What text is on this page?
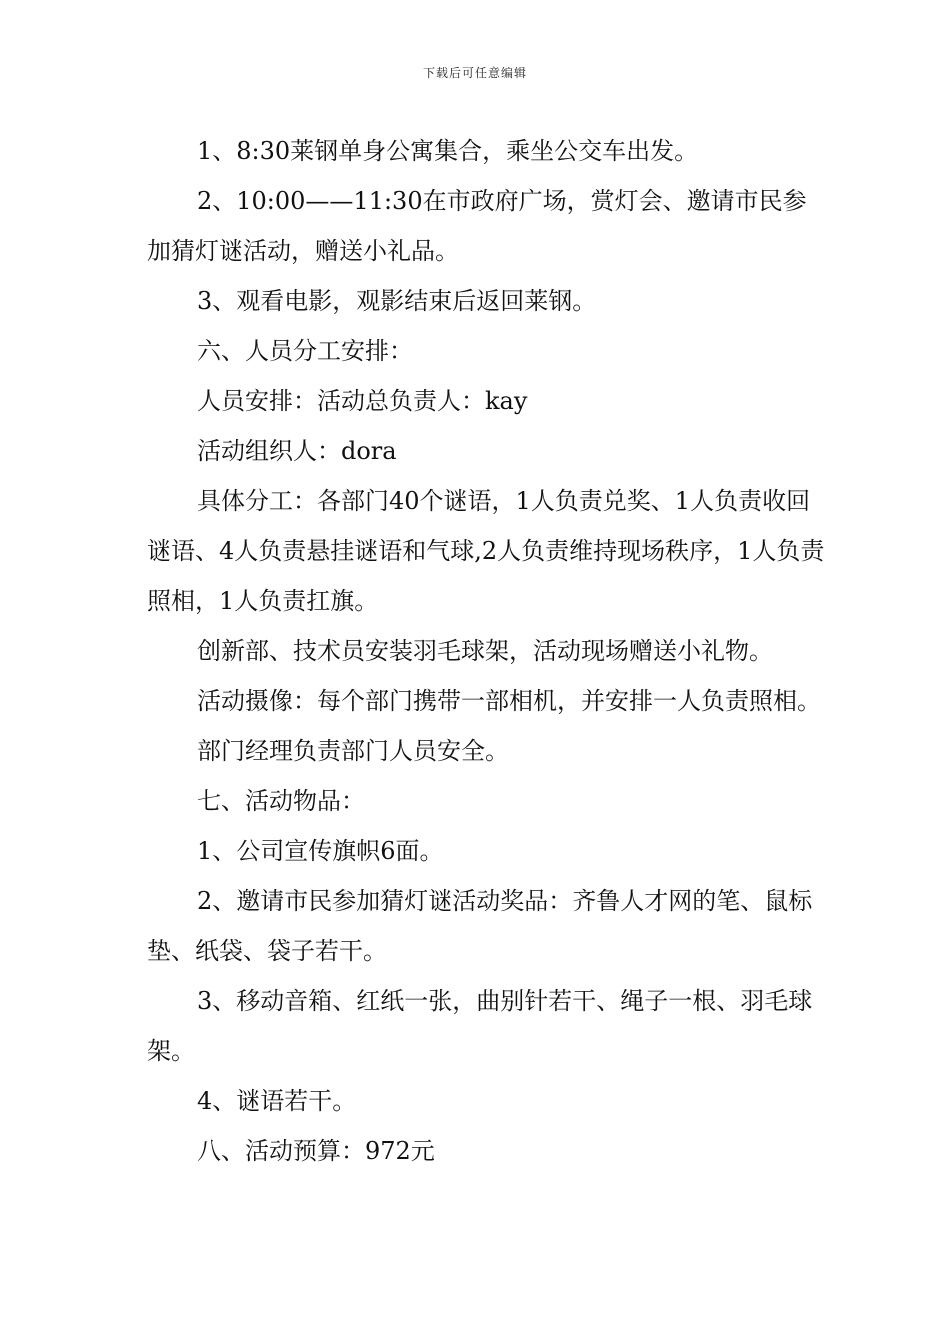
下载后可任意编辑

1、8:30莱钢单身公寓集合，乘坐公交车出发。

2、10:00——11:30在市政府广场，赏灯会、邀请市民参加猜灯谜活动，赠送小礼品。

3、观看电影，观影结束后返回莱钢。

六、人员分工安排：

人员安排：活动总负责人：kay

活动组织人：dora

具体分工：各部门40个谜语，1人负责兑奖、1人负责收回谜语、4人负责悬挂谜语和气球,2人负责维持现场秩序，1人负责照相，1人负责扛旗。

创新部、技术员安装羽毛球架，活动现场赠送小礼物。

活动摄像：每个部门携带一部相机，并安排一人负责照相。

部门经理负责部门人员安全。

七、活动物品：

1、公司宣传旗帜6面。

2、邀请市民参加猜灯谜活动奖品：齐鲁人才网的笔、鼠标垫、纸袋、袋子若干。

3、移动音箱、红纸一张，曲别针若干、绳子一根、羽毛球架。

4、谜语若干。

八、活动预算：972元
